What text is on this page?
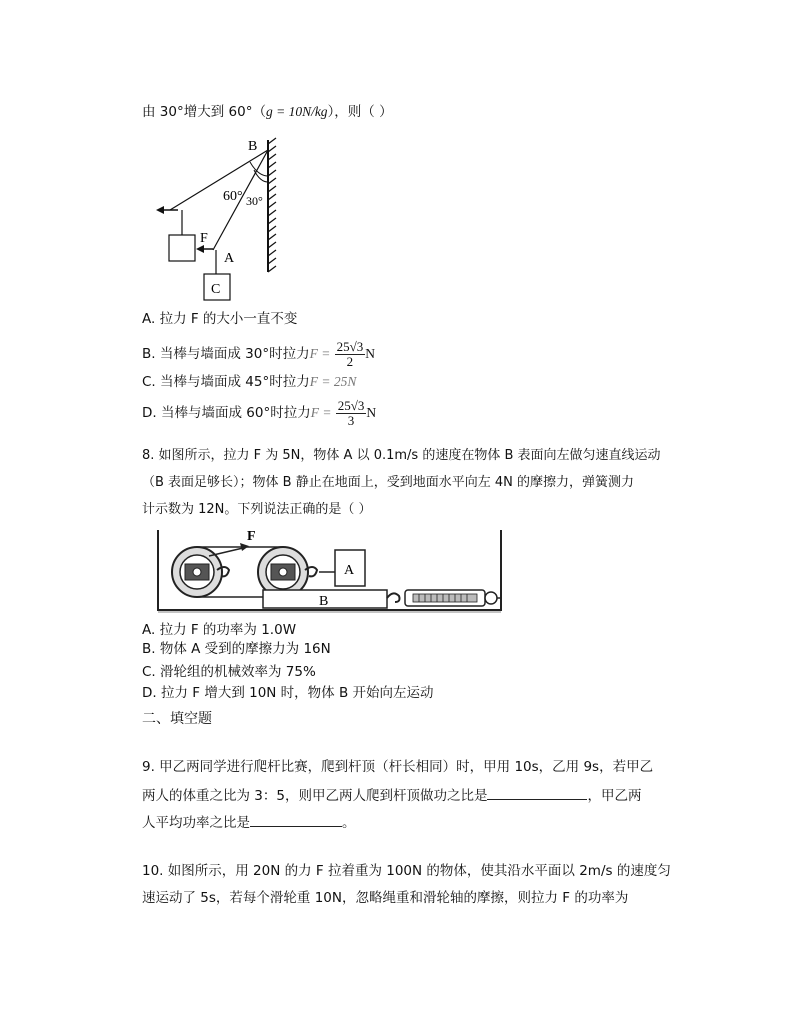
由 30°增大到 60°（g = 10N/kg），则（ ）
B
60° 30°
F
A
C
A. 拉力 F 的大小一直不变
B. 当棒与墙面成 30°时拉力$F = \frac{25√3}{2}$ N
C. 当棒与墙面成 45°时拉力F = 25N
D. 当棒与墙面成 60°时拉力$F = \frac{25√3}{3}$ N
8. 如图所示，拉力 F 为 5N，物体 A 以 0.1m/s 的速度在物体 B 表面向左做匀速直线运动
（B 表面足够长）；物体 B 静止在地面上，受到地面水平向左 4N 的摩擦力，弹簧测力
计示数为 12N。下列说法正确的是（ ）
F
A
B
A. 拉力 F 的功率为 1.0W
B. 物体 A 受到的摩擦力为 16N
C. 滑轮组的机械效率为 75%
D. 拉力 F 增大到 10N 时，物体 B 开始向左运动
二、填空题
9. 甲乙两同学进行爬杆比赛，爬到杆顶（杆长相同）时，甲用 10s，乙用 9s，若甲乙
两人的体重之比为 3：5，则甲乙两人爬到杆顶做功之比是	，甲乙两
人平均功率之比是	。
10. 如图所示，用 20N 的力 F 拉着重为 100N 的物体，使其沿水平面以 2m/s 的速度匀
速运动了 5s，若每个滑轮重 10N，忽略绳重和滑轮轴的摩擦，则拉力 F 的功率为
